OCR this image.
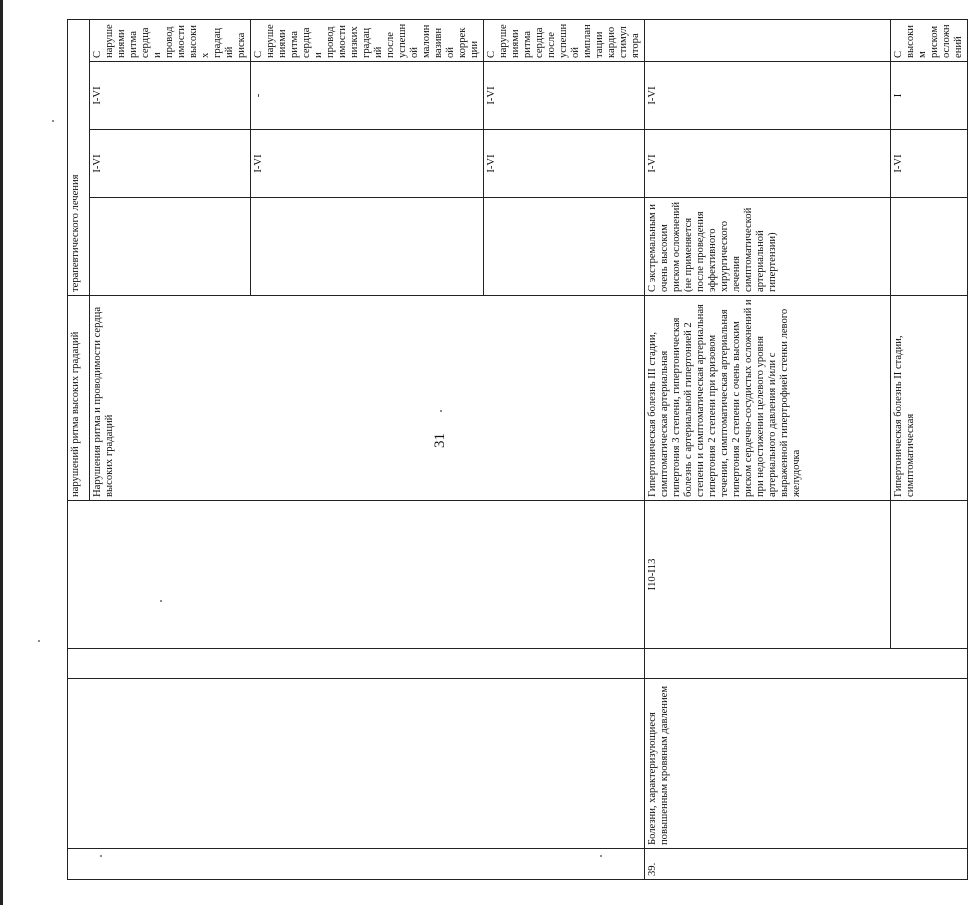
31
				нарушений ритма высоких градаций	терапевтического лечения			
				Нарушения ритма и проводимости сердца высоких градаций		I-VI	I-VI	С нарушениями ритма сердца и проводимости высоких градаций риска
						I-VI	-	С нарушениями ритма сердца и проводимости низких градаций после успешной малоинвазивной коррекции
						I-VI	I-VI	С нарушениями ритма сердца после успешной имплантации кардиостимулятора
39.	Болезни, характеризующиеся повышенным кровяным давлением		I10-I13	Гипертоническая болезнь III стадии, симптоматическая артериальная гипертония 3 степени, гипертоническая болезнь с артериальной гипертонией 2 степени и симптоматическая артериальная гипертония 2 степени при кризовом течении, симптоматическая артериальная гипертония 2 степени с очень высоким риском сердечно-сосудистых осложнений и при недостижении целевого уровня артериального давления и/или с выраженной гипертрофией стенки левого желудочка	С экстремальным и очень высоким риском осложнений (не применяется после проведения эффективного хирургического лечения симптоматической артериальной гипертензии)	I-VI	I-VI	
				Гипертоническая болезнь II стадии, симптоматическая		I-VI	I	С высоким риском осложнений
